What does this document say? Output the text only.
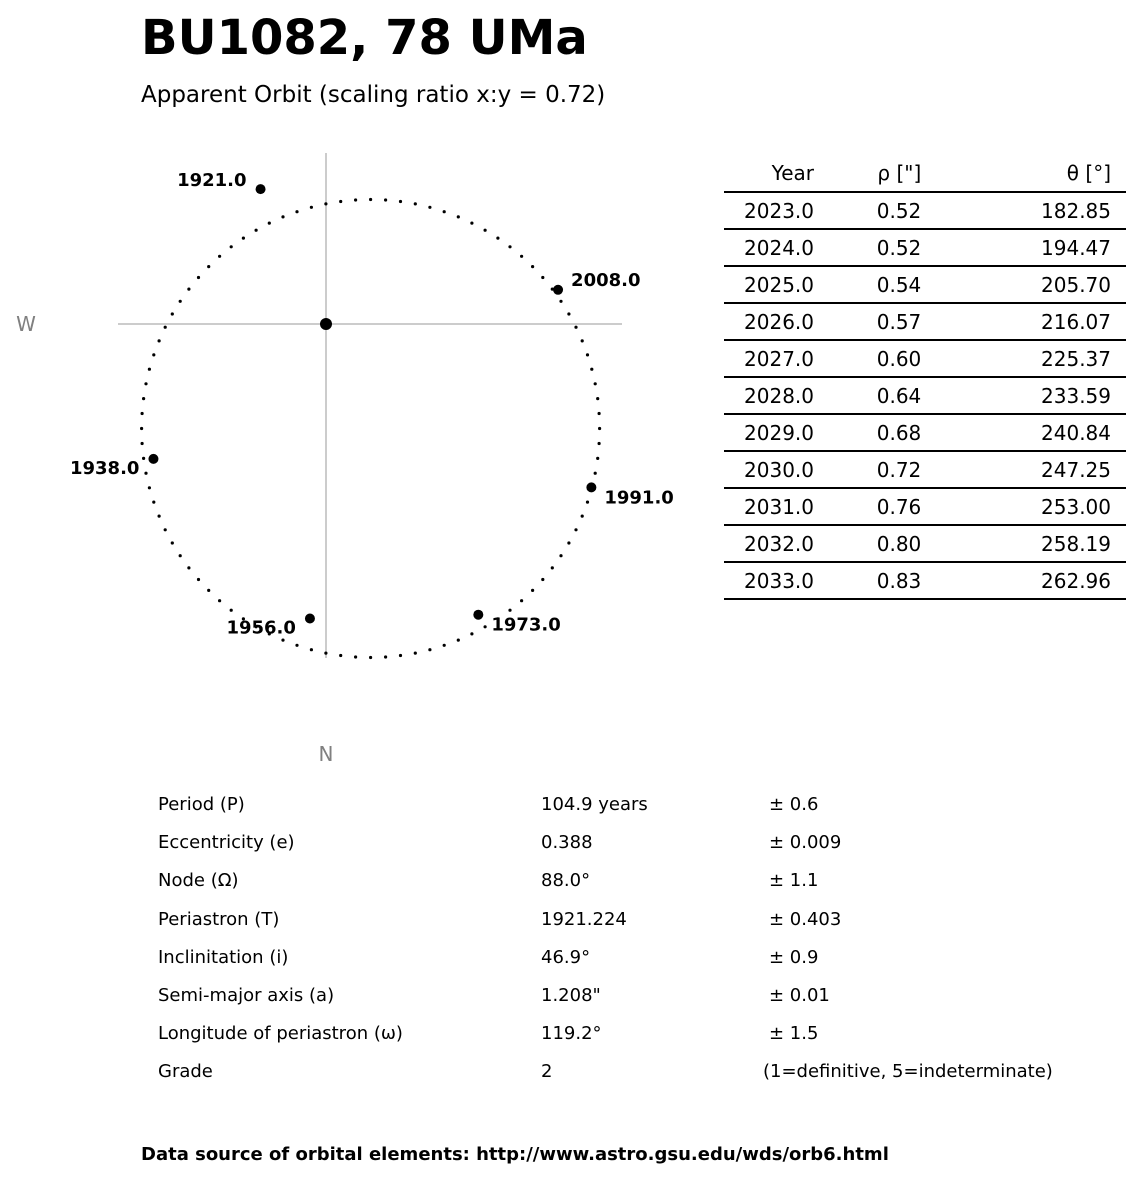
BU1082, 78 UMa
Apparent Orbit (scaling ratio x:y = 0.72)
1921.0
1938.0
1956.0	1973.0
1991.0
2008.0
W
N
Year	ρ ["]	θ [°]
2023.0	0.52	182.85
2024.0	0.52	194.47
2025.0	0.54	205.70
2026.0	0.57	216.07
2027.0	0.60	225.37
2028.0	0.64	233.59
2029.0	0.68	240.84
2030.0	0.72	247.25
2031.0	0.76	253.00
2032.0	0.80	258.19
2033.0	0.83	262.96
Period (P)	104.9 years	± 0.6
Eccentricity (e)	0.388	± 0.009
Node (Ω)	88.0°	± 1.1
Periastron (T)	1921.224	± 0.403
Inclinitation (i)	46.9°	± 0.9
Semi-major axis (a)	1.208"	± 0.01
Longitude of periastron (ω)	119.2°	± 1.5
Grade	2	(1=definitive, 5=indeterminate)
Data source of orbital elements: http://www.astro.gsu.edu/wds/orb6.html
